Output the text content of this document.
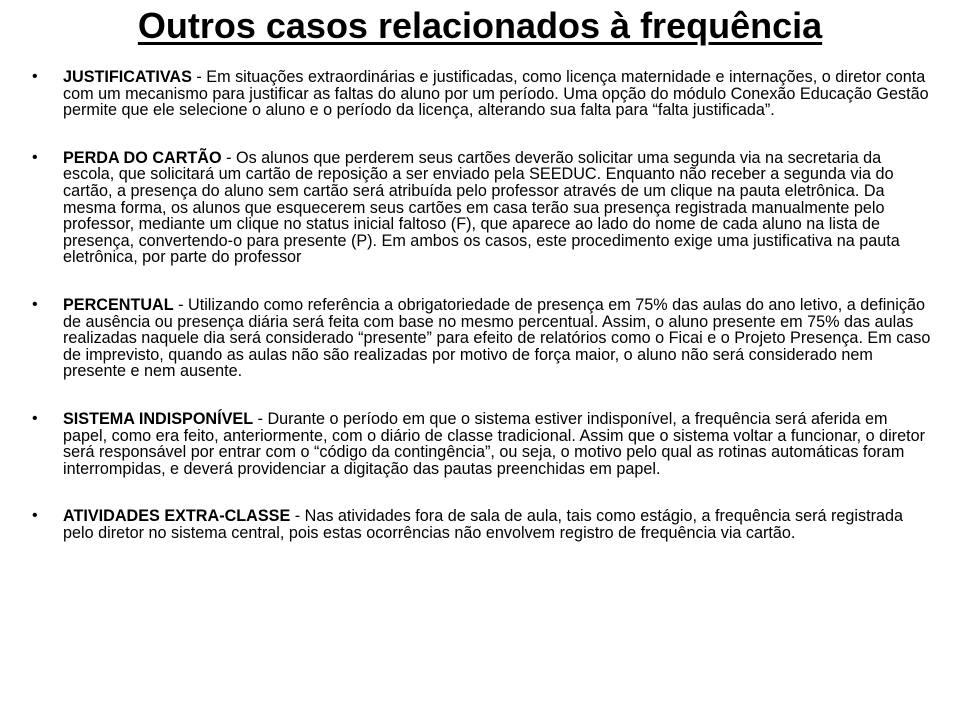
Outros casos relacionados à frequência
•	JUSTIFICATIVAS - Em situações extraordinárias e justificadas, como licença maternidade e internações, o diretor conta com um mecanismo para justificar as faltas do aluno por um período. Uma opção do módulo Conexão Educação Gestão permite que ele selecione o aluno e o período da licença, alterando sua falta para “falta justificada”.
•	PERDA DO CARTÃO - Os alunos que perderem seus cartões deverão solicitar uma segunda via na secretaria da escola, que solicitará um cartão de reposição a ser enviado pela SEEDUC. Enquanto não receber a segunda via do cartão, a presença do aluno sem cartão será atribuída pelo professor através de um clique na pauta eletrônica. Da mesma forma, os alunos que esquecerem seus cartões em casa terão sua presença registrada manualmente pelo professor, mediante um clique no status inicial faltoso (F), que aparece ao lado do nome de cada aluno na lista de presença, convertendo-o para presente (P). Em ambos os casos, este procedimento exige uma justificativa na pauta eletrônica, por parte do professor
•	PERCENTUAL - Utilizando como referência a obrigatoriedade de presença em 75% das aulas do ano letivo, a definição de ausência ou presença diária será feita com base no mesmo percentual. Assim, o aluno presente em 75% das aulas realizadas naquele dia será considerado “presente” para efeito de relatórios como o Ficai e o Projeto Presença. Em caso de imprevisto, quando as aulas não são realizadas por motivo de força maior, o aluno não será considerado nem presente e nem ausente.
•	SISTEMA INDISPONÍVEL - Durante o período em que o sistema estiver indisponível, a frequência será aferida em papel, como era feito, anteriormente, com o diário de classe tradicional. Assim que o sistema voltar a funcionar, o diretor será responsável por entrar com o “código da contingência”, ou seja, o motivo pelo qual as rotinas automáticas foram interrompidas, e deverá providenciar a digitação das pautas preenchidas em papel.
•	ATIVIDADES EXTRA-CLASSE - Nas atividades fora de sala de aula, tais como estágio, a frequência será registrada pelo diretor no sistema central, pois estas ocorrências não envolvem registro de frequência via cartão.
